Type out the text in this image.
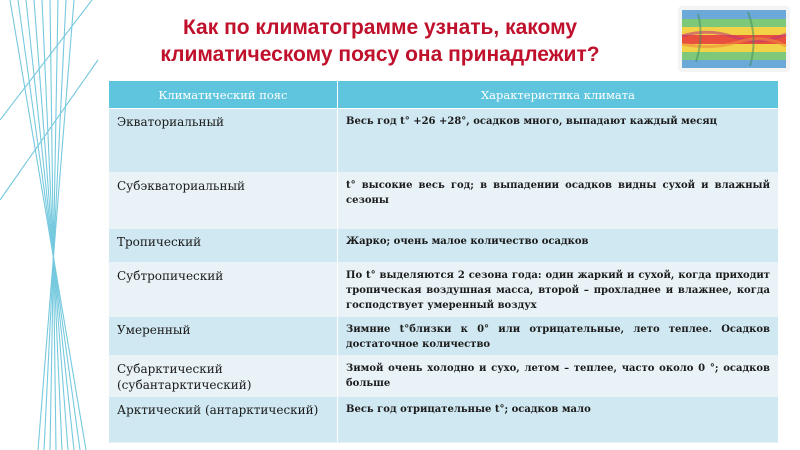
Как по климатограмме узнать, какому климатическому поясу она принадлежит?
Климатический пояс	Характеристика климата
Экваториальный	Весь год t° +26 +28°, осадков много, выпадают каждый месяц
Субэкваториальный	t° высокие весь год; в выпадении осадков видны сухой и влажный сезоны
Тропический	Жарко; очень малое количество осадков
Субтропический	По t° выделяются 2 сезона года: один жаркий и сухой, когда приходит тропическая воздушная масса, второй – прохладнее и влажнее, когда господствует умеренный воздух
Умеренный	Зимние t°близки к 0° или отрицательные, лето теплее. Осадков достаточное количество
Субарктический (субантарктический)	Зимой очень холодно и сухо, летом – теплее, часто около 0 °; осадков больше
Арктический (антарктический)	Весь год отрицательные t°; осадков мало
